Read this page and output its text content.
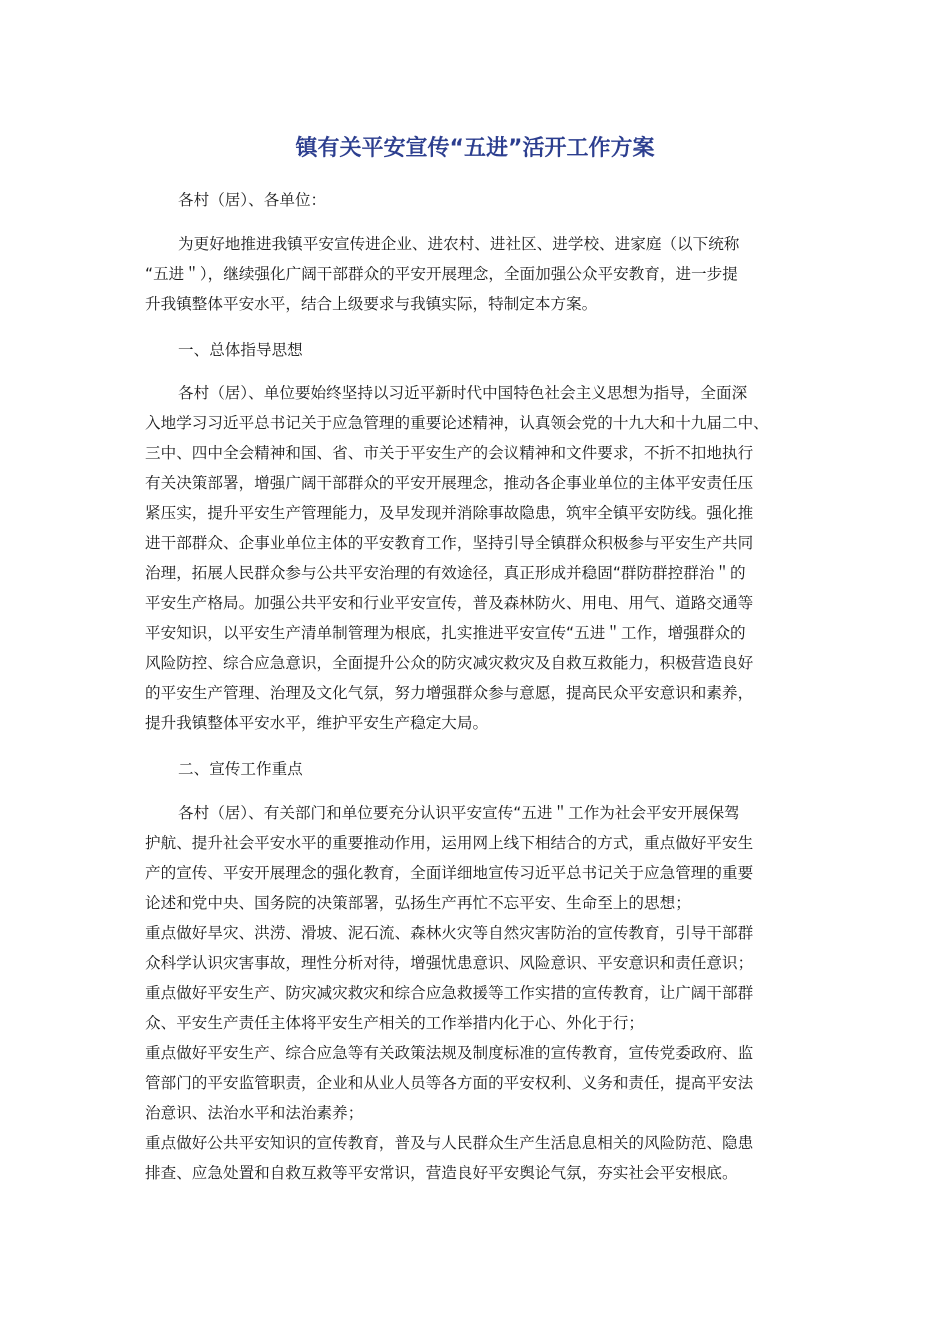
镇有关平安宣传“五进”活开工作方案
各村（居）、各单位：
为更好地推进我镇平安宣传进企业、进农村、进社区、进学校、进家庭（以下统称
“五进＂），继续强化广阔干部群众的平安开展理念，全面加强公众平安教育，进一步提
升我镇整体平安水平，结合上级要求与我镇实际，特制定本方案。
一、总体指导思想
各村（居）、单位要始终坚持以习近平新时代中国特色社会主义思想为指导，全面深
入地学习习近平总书记关于应急管理的重要论述精神，认真领会党的十九大和十九届二中、
三中、四中全会精神和国、省、市关于平安生产的会议精神和文件要求，不折不扣地执行
有关决策部署，增强广阔干部群众的平安开展理念，推动各企事业单位的主体平安责任压
紧压实，提升平安生产管理能力，及早发现并消除事故隐患，筑牢全镇平安防线。强化推
进干部群众、企事业单位主体的平安教育工作，坚持引导全镇群众积极参与平安生产共同
治理，拓展人民群众参与公共平安治理的有效途径，真正形成并稳固“群防群控群治＂的
平安生产格局。加强公共平安和行业平安宣传，普及森林防火、用电、用气、道路交通等
平安知识，以平安生产清单制管理为根底，扎实推进平安宣传“五进＂工作，增强群众的
风险防控、综合应急意识，全面提升公众的防灾减灾救灾及自救互救能力，积极营造良好
的平安生产管理、治理及文化气氛，努力增强群众参与意愿，提高民众平安意识和素养，
提升我镇整体平安水平，维护平安生产稳定大局。
二、宣传工作重点
各村（居）、有关部门和单位要充分认识平安宣传“五进＂工作为社会平安开展保驾
护航、提升社会平安水平的重要推动作用，运用网上线下相结合的方式，重点做好平安生
产的宣传、平安开展理念的强化教育，全面详细地宣传习近平总书记关于应急管理的重要
论述和党中央、国务院的决策部署，弘扬生产再忙不忘平安、生命至上的思想；
重点做好旱灾、洪涝、滑坡、泥石流、森林火灾等自然灾害防治的宣传教育，引导干部群
众科学认识灾害事故，理性分析对待，增强忧患意识、风险意识、平安意识和责任意识；
重点做好平安生产、防灾减灾救灾和综合应急救援等工作实措的宣传教育，让广阔干部群
众、平安生产责任主体将平安生产相关的工作举措内化于心、外化于行；
重点做好平安生产、综合应急等有关政策法规及制度标准的宣传教育，宣传党委政府、监
管部门的平安监管职责，企业和从业人员等各方面的平安权利、义务和责任，提高平安法
治意识、法治水平和法治素养；
重点做好公共平安知识的宣传教育，普及与人民群众生产生活息息相关的风险防范、隐患
排查、应急处置和自救互救等平安常识，营造良好平安舆论气氛，夯实社会平安根底。
